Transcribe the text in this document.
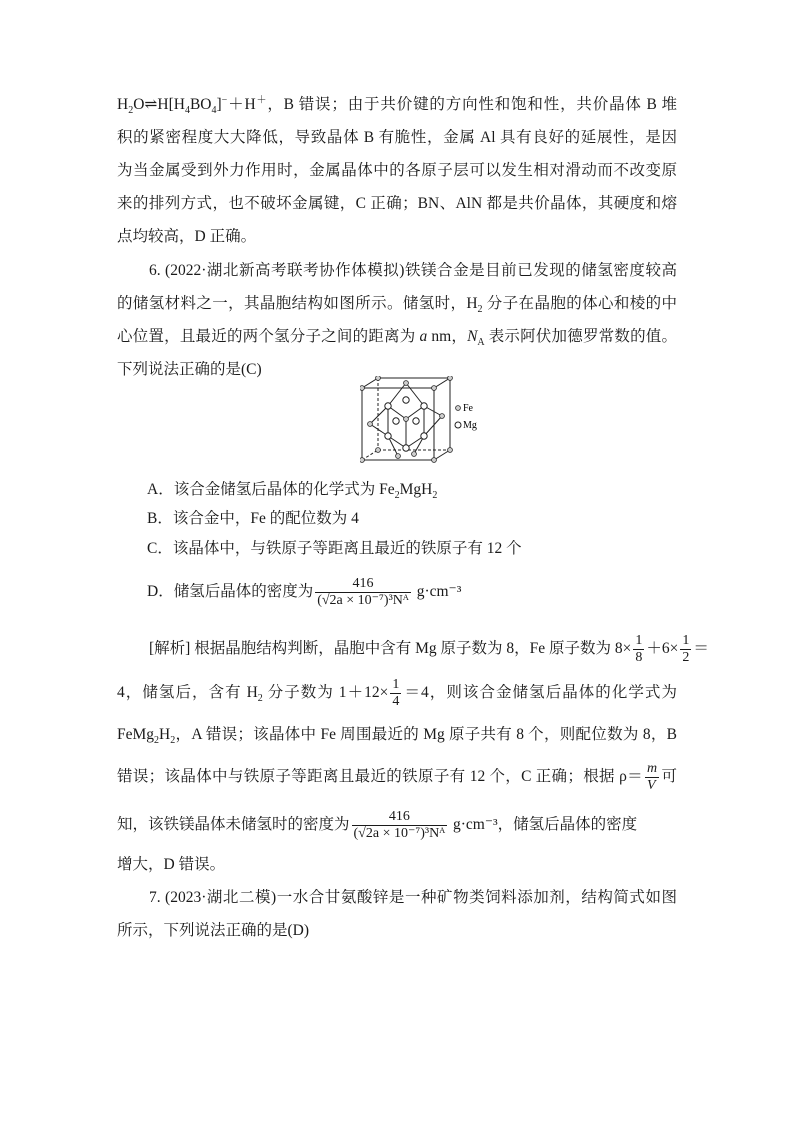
$H_2O\rightleftharpoons H[H_4BO_4]^-+H^+$，B 错误；由于共价键的方向性和饱和性，共价晶体 B 堆
积的紧密程度大大降低，导致晶体 B 有脆性，金属 Al 具有良好的延展性，是因
为当金属受到外力作用时，金属晶体中的各原子层可以发生相对滑动而不改变原
来的排列方式，也不破坏金属键，C 正确；BN、AlN 都是共价晶体，其硬度和熔
点均较高，D 正确。
6. (2022·湖北新高考联考协作体模拟)铁镁合金是目前已发现的储氢密度较高
的储氢材料之一，其晶胞结构如图所示。储氢时，$H_2$ 分子在晶胞的体心和棱的中
心位置，且最近的两个氢分子之间的距离为 a nm，$N_A$ 表示阿伏加德罗常数的值。
下列说法正确的是(C)
A．该合金储氢后晶体的化学式为 $Fe_2MgH_2$
B．该合金中，Fe 的配位数为 4
C．该晶体中，与铁原子等距离且最近的铁原子有 12 个
D．储氢后晶体的密度为 $\frac{416}{\text{(√2a × 10⁻⁷)³Nᴬ}} g\cdot cm^{-3}$
[解析] 根据晶胞结构判断，晶胞中含有 Mg 原子数为 8，Fe 原子数为 $8\times \frac{1}{8} +6\times \frac{1}{2}$ ＝
4，储氢后，含有 $H_2$ 分子数为 $1+12\times \frac{1}{4} =4$，则该合金储氢后晶体的化学式为
$FeMg_2H_2$，A 错误；该晶体中 Fe 周围最近的 Mg 原子共有 8 个，则配位数为 8，B
错误；该晶体中与铁原子等距离且最近的铁原子有 12 个，C 正确；根据 $\rho= \frac{m}{V}$ 可
知，该铁镁晶体未储氢时的密度为 $\frac{416}{\text{(√2a × 10⁻⁷)³Nᴬ}} g\cdot cm^{-3}$，储氢后晶体的密度
增大，D 错误。
7. (2023·湖北二模)一水合甘氨酸锌是一种矿物类饲料添加剂，结构简式如图
所示，下列说法正确的是(D)
Fe
Mg
